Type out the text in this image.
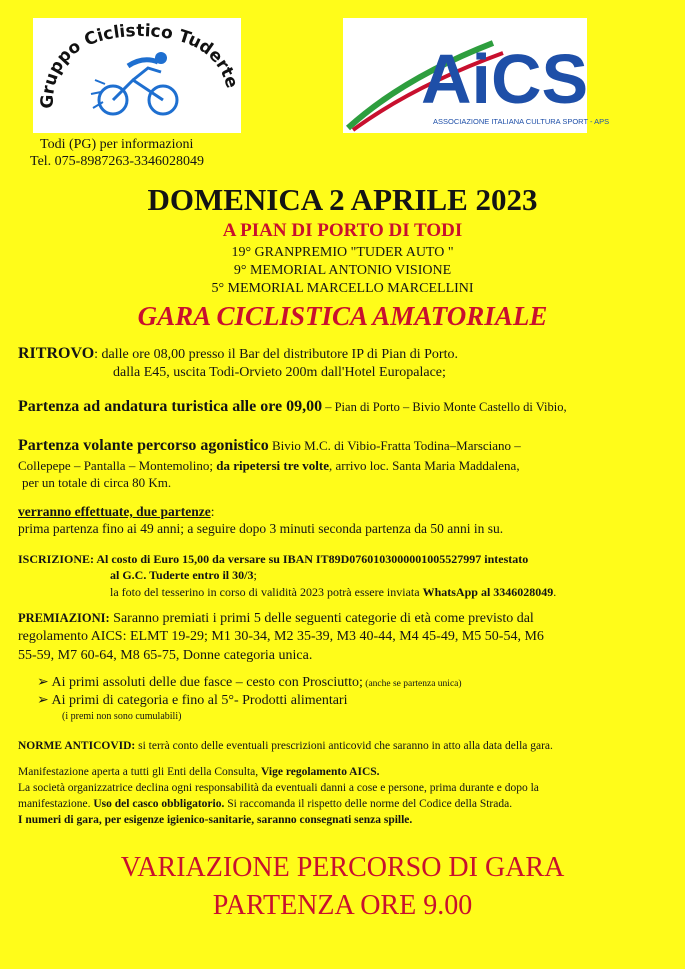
Gruppo Ciclistico Tuderte	AiCS
ASSOCIAZIONE ITALIANA CULTURA SPORT - APS
Todi (PG) per informazioni
Tel. 075-8987263-3346028049
DOMENICA 2 APRILE 2023
A PIAN DI PORTO DI TODI
19° GRANPREMIO "TUDER AUTO "
9° MEMORIAL ANTONIO VISIONE
5° MEMORIAL MARCELLO MARCELLINI
GARA CICLISTICA AMATORIALE
RITROVO: dalle ore 08,00 presso il Bar del distributore IP di Pian di Porto.
dalla E45, uscita Todi-Orvieto 200m dall'Hotel Europalace;
Partenza ad andatura turistica alle ore 09,00 – Pian di Porto – Bivio Monte Castello di Vibio,
Partenza volante percorso agonistico Bivio M.C. di Vibio-Fratta Todina–Marsciano –
Collepepe – Pantalla – Montemolino; da ripetersi tre volte, arrivo loc. Santa Maria Maddalena,
per un totale di circa 80 Km.
verranno effettuate, due partenze:
prima partenza fino ai 49 anni; a seguire dopo 3 minuti seconda partenza da 50 anni in su.
ISCRIZIONE: Al costo di Euro 15,00 da versare su IBAN IT89D0760103000001005527997 intestato
al G.C. Tuderte entro il 30/3;
la foto del tesserino in corso di validità 2023 potrà essere inviata WhatsApp al 3346028049.
PREMIAZIONI: Saranno premiati i primi 5 delle seguenti categorie di età come previsto dal
regolamento AICS: ELMT 19-29; M1 30-34, M2 35-39, M3 40-44, M4 45-49, M5 50-54, M6
55-59, M7 60-64, M8 65-75, Donne categoria unica.
➢ Ai primi assoluti delle due fasce – cesto con Prosciutto; (anche se partenza unica)
➢ Ai primi di categoria e fino al 5°- Prodotti alimentari
(i premi non sono cumulabili)
NORME ANTICOVID: si terrà conto delle eventuali prescrizioni anticovid che saranno in atto alla data della gara.
Manifestazione aperta a tutti gli Enti della Consulta, Vige regolamento AICS.
La società organizzatrice declina ogni responsabilità da eventuali danni a cose e persone, prima durante e dopo la
manifestazione. Uso del casco obbligatorio. Si raccomanda il rispetto delle norme del Codice della Strada.
I numeri di gara, per esigenze igienico-sanitarie, saranno consegnati senza spille.
VARIAZIONE PERCORSO DI GARA
PARTENZA ORE 9.00
